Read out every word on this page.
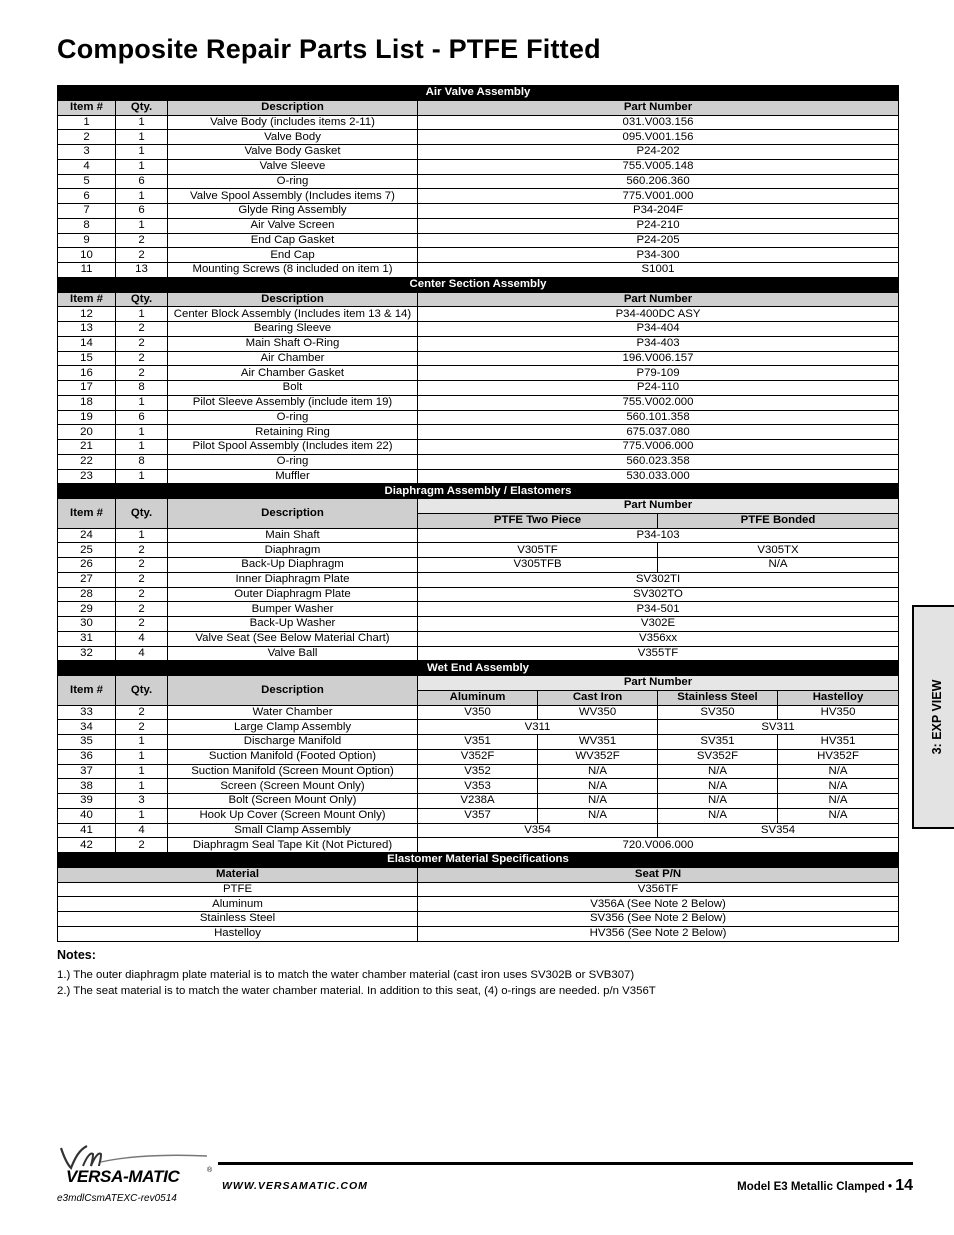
Composite Repair Parts List - PTFE Fitted
Air Valve Assembly						
Item #	Qty.	Description	Part Number			
1	1	Valve Body (includes items 2-11)	031.V003.156			
2	1	Valve Body	095.V001.156			
3	1	Valve Body Gasket	P24-202			
4	1	Valve Sleeve	755.V005.148			
5	6	O-ring	560.206.360			
6	1	Valve Spool Assembly (Includes items 7)	775.V001.000			
7	6	Glyde Ring Assembly	P34-204F			
8	1	Air Valve Screen	P24-210			
9	2	End Cap Gasket	P24-205			
10	2	End Cap	P34-300			
11	13	Mounting Screws (8 included on item 1)	S1001			
Center Section Assembly						
Item #	Qty.	Description	Part Number			
12	1	Center Block Assembly (Includes item 13 & 14)	P34-400DC ASY			
13	2	Bearing Sleeve	P34-404			
14	2	Main Shaft O-Ring	P34-403			
15	2	Air Chamber	196.V006.157			
16	2	Air Chamber Gasket	P79-109			
17	8	Bolt	P24-110			
18	1	Pilot Sleeve Assembly (include item 19)	755.V002.000			
19	6	O-ring	560.101.358			
20	1	Retaining Ring	675.037.080			
21	1	Pilot Spool Assembly (Includes item 22)	775.V006.000			
22	8	O-ring	560.023.358			
23	1	Muffler	530.033.000			
Diaphragm Assembly / Elastomers						
Item #	Qty.	Description	Part Number			
			PTFE Two Piece		PTFE Bonded	
24	1	Main Shaft	P34-103			
25	2	Diaphragm	V305TF		V305TX	
26	2	Back-Up Diaphragm	V305TFB		N/A	
27	2	Inner Diaphragm Plate	SV302TI			
28	2	Outer Diaphragm Plate	SV302TO			
29	2	Bumper Washer	P34-501			
30	2	Back-Up Washer	V302E			
31	4	Valve Seat (See Below Material Chart)	V356xx			
32	4	Valve Ball	V355TF			
Wet End Assembly						
Item #	Qty.	Description	Part Number			
			Aluminum	Cast Iron	Stainless Steel	Hastelloy
33	2	Water Chamber	V350	WV350	SV350	HV350
34	2	Large Clamp Assembly	V311		SV311	
35	1	Discharge Manifold	V351	WV351	SV351	HV351
36	1	Suction Manifold (Footed Option)	V352F	WV352F	SV352F	HV352F
37	1	Suction Manifold (Screen Mount Option)	V352	N/A	N/A	N/A
38	1	Screen (Screen Mount Only)	V353	N/A	N/A	N/A
39	3	Bolt (Screen Mount Only)	V238A	N/A	N/A	N/A
40	1	Hook Up Cover (Screen Mount Only)	V357	N/A	N/A	N/A
41	4	Small Clamp Assembly	V354		SV354	
42	2	Diaphragm Seal Tape Kit (Not Pictured)	720.V006.000			
Elastomer Material Specifications						
Material			Seat P/N			
PTFE			V356TF			
Aluminum			V356A (See Note 2 Below)			
Stainless Steel			SV356 (See Note 2 Below)			
Hastelloy			HV356 (See Note 2 Below)			
Notes:
1.) The outer diaphragm plate material is to match the water chamber material (cast iron uses SV302B or SVB307)
2.) The seat material is to match the water chamber material. In addition to this seat, (4) o-rings are needed. p/n V356T
3: EXP VIEW
VERSA-MATIC	®
e3mdlCsmATEXC-rev0514
WWW.VERSAMATIC.COM	Model E3 Metallic Clamped • 14
